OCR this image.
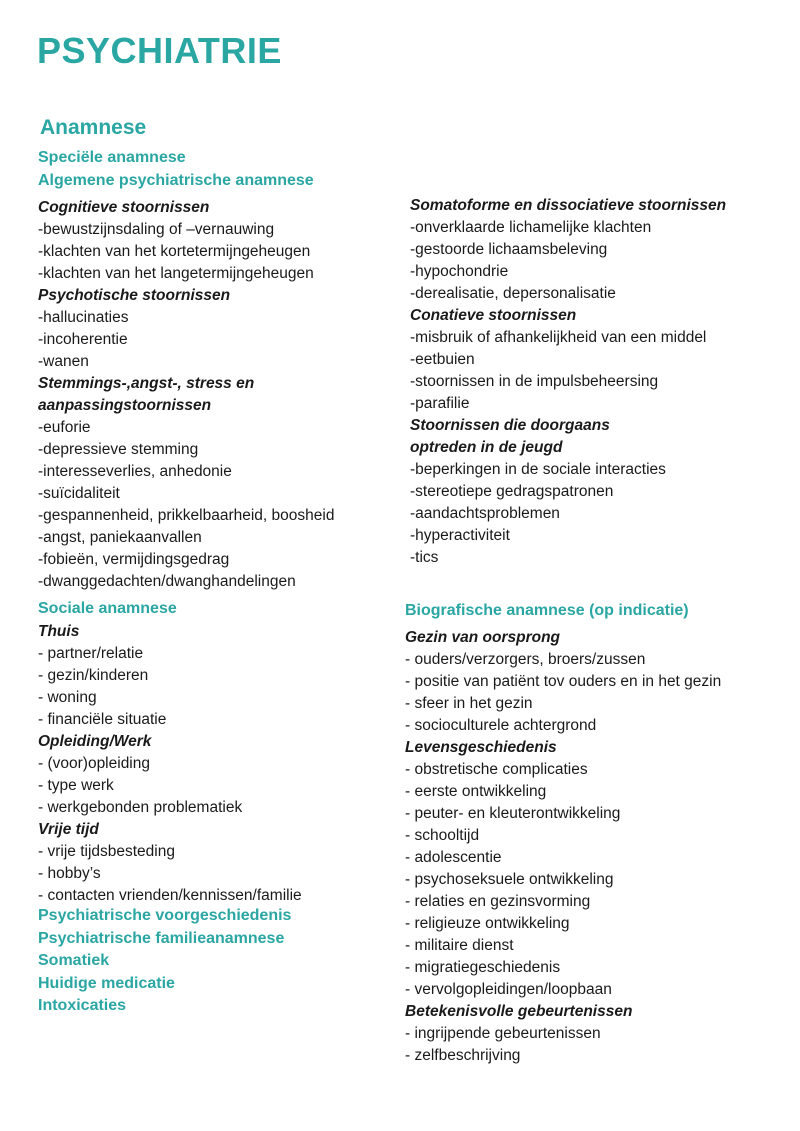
PSYCHIATRIE
Anamnese
Speciële anamnese
Algemene psychiatrische anamnese
Cognitieve stoornissen
-bewustzijnsdaling of –vernauwing
-klachten van het kortetermijngeheugen
-klachten van het langetermijngeheugen
Psychotische stoornissen
-hallucinaties
-incoherentie
-wanen
Stemmings-,angst-, stress en
aanpassingstoornissen
-euforie
-depressieve stemming
-interesseverlies, anhedonie
-suïcidaliteit
-gespannenheid, prikkelbaarheid, boosheid
-angst, paniekaanvallen
-fobieën, vermijdingsgedrag
-dwanggedachten/dwanghandelingen
Somatoforme en dissociatieve stoornissen
-onverklaarde lichamelijke klachten
-gestoorde lichaamsbeleving
-hypochondrie
-derealisatie, depersonalisatie
Conatieve stoornissen
-misbruik of afhankelijkheid van een middel
-eetbuien
-stoornissen in de impulsbeheersing
-parafilie
Stoornissen die doorgaans
optreden in de jeugd
-beperkingen in de sociale interacties
-stereotiepe gedragspatronen
-aandachtsproblemen
-hyperactiviteit
-tics
Sociale anamnese
Thuis
- partner/relatie
- gezin/kinderen
- woning
- financiële situatie
Opleiding/Werk
- (voor)opleiding
- type werk
- werkgebonden problematiek
Vrije tijd
- vrije tijdsbesteding
- hobby’s
- contacten vrienden/kennissen/familie
Psychiatrische voorgeschiedenis
Psychiatrische familieanamnese
Somatiek
Huidige medicatie
Intoxicaties
Biografische anamnese (op indicatie)
Gezin van oorsprong
- ouders/verzorgers, broers/zussen
- positie van patiënt tov ouders en in het gezin
- sfeer in het gezin
- socioculturele achtergrond
Levensgeschiedenis
- obstretische complicaties
- eerste ontwikkeling
- peuter- en kleuterontwikkeling
- schooltijd
- adolescentie
- psychoseksuele ontwikkeling
- relaties en gezinsvorming
- religieuze ontwikkeling
- militaire dienst
- migratiegeschiedenis
- vervolgopleidingen/loopbaan
Betekenisvolle gebeurtenissen
- ingrijpende gebeurtenissen
- zelfbeschrijving
